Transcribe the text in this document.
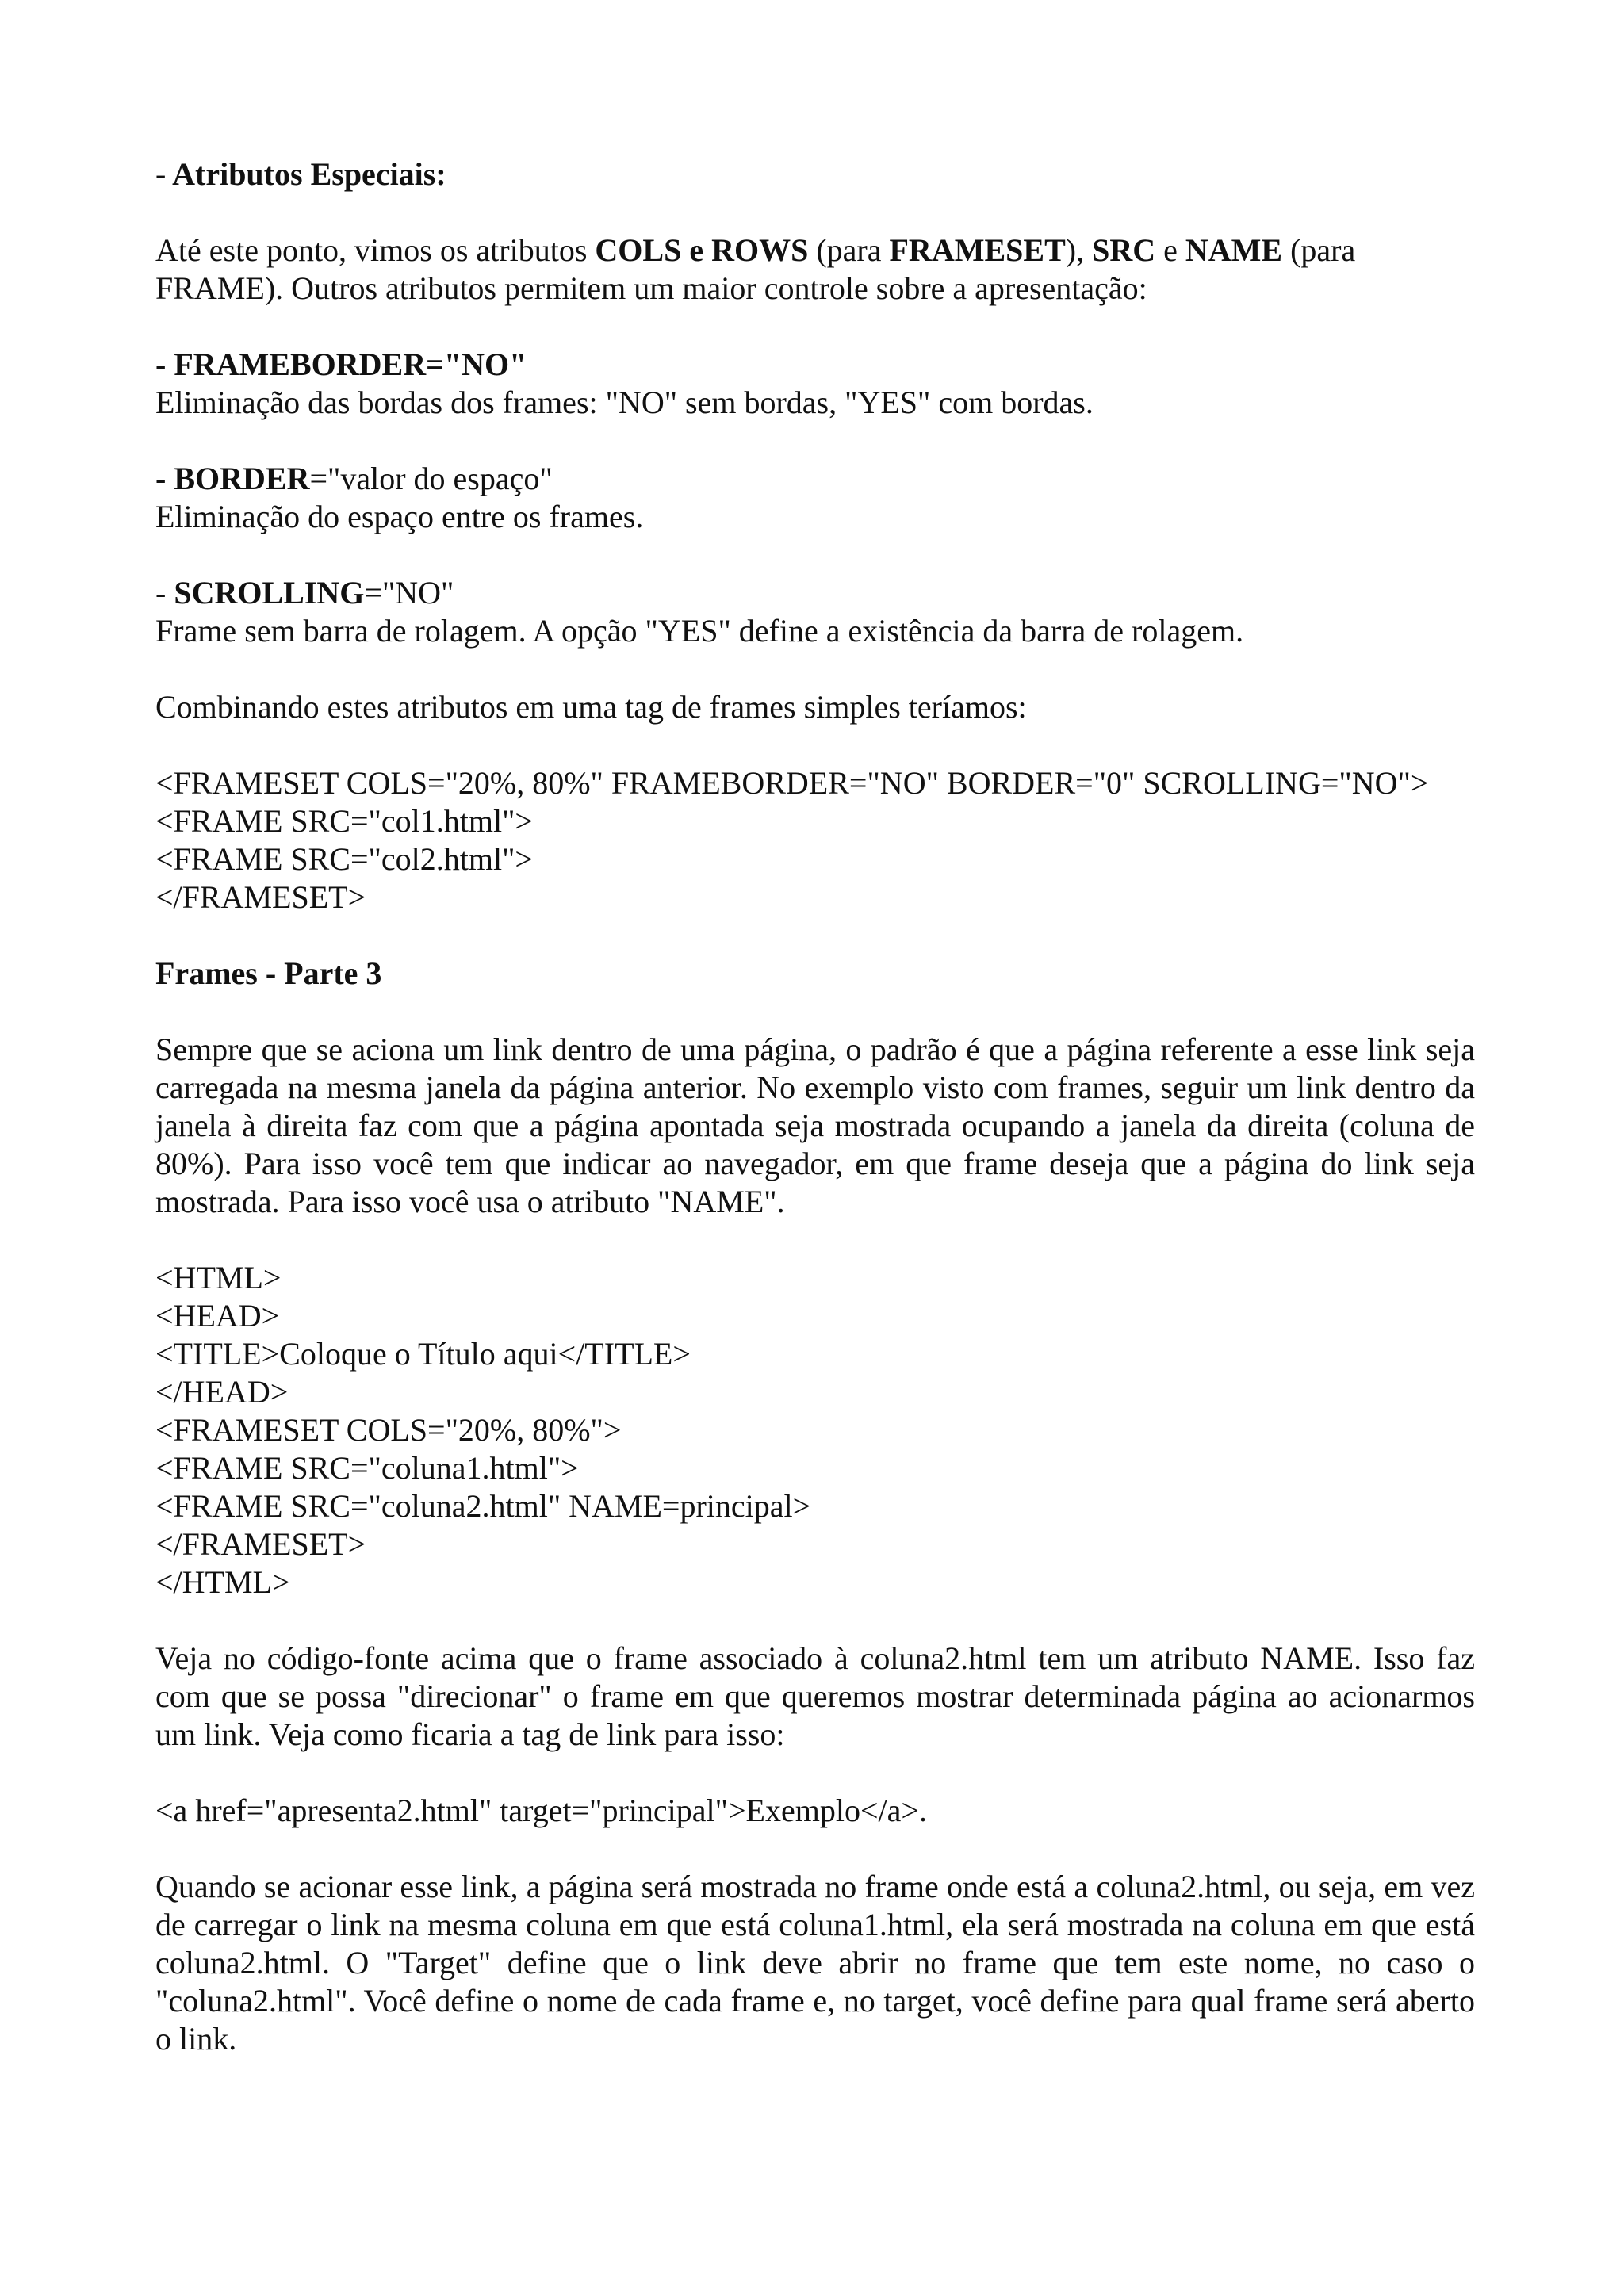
- Atributos Especiais:

Até este ponto, vimos os atributos COLS e ROWS (para FRAMESET), SRC e NAME (para FRAME). Outros atributos permitem um maior controle sobre a apresentação:

- FRAMEBORDER="NO"
Eliminação das bordas dos frames: "NO" sem bordas, "YES" com bordas.
- BORDER="valor do espaço"
Eliminação do espaço entre os frames.
- SCROLLING="NO"
Frame sem barra de rolagem. A opção "YES" define a existência da barra de rolagem.

Combinando estes atributos em uma tag de frames simples teríamos:

<FRAMESET COLS="20%, 80%" FRAMEBORDER="NO" BORDER="0" SCROLLING="NO">
<FRAME SRC="col1.html">
<FRAME SRC="col2.html">
</FRAMESET>
Frames - Parte 3

Sempre que se aciona um link dentro de uma página, o padrão é que a página referente a esse link seja carregada na mesma janela da página anterior. No exemplo visto com frames, seguir um link dentro da janela à direita faz com que a página apontada seja mostrada ocupando a janela da direita (coluna de 80%). Para isso você tem que indicar ao navegador, em que frame deseja que a página do link seja mostrada. Para isso você usa o atributo "NAME".

<HTML>
<HEAD>
<TITLE>Coloque o Título aqui</TITLE>
</HEAD>
<FRAMESET COLS="20%, 80%">
<FRAME SRC="coluna1.html">
<FRAME SRC="coluna2.html" NAME=principal>
</FRAMESET>
</HTML>

Veja no código-fonte acima que o frame associado à coluna2.html tem um atributo NAME. Isso faz com que se possa "direcionar" o frame em que queremos mostrar determinada página ao acionarmos um link. Veja como ficaria a tag de link para isso:

<a href="apresenta2.html" target="principal">Exemplo</a>.

Quando se acionar esse link, a página será mostrada no frame onde está a coluna2.html, ou seja, em vez de carregar o link na mesma coluna em que está coluna1.html, ela será mostrada na coluna em que está coluna2.html. O "Target" define que o link deve abrir no frame que tem este nome, no caso o "coluna2.html". Você define o nome de cada frame e, no target, você define para qual frame será aberto o link.
